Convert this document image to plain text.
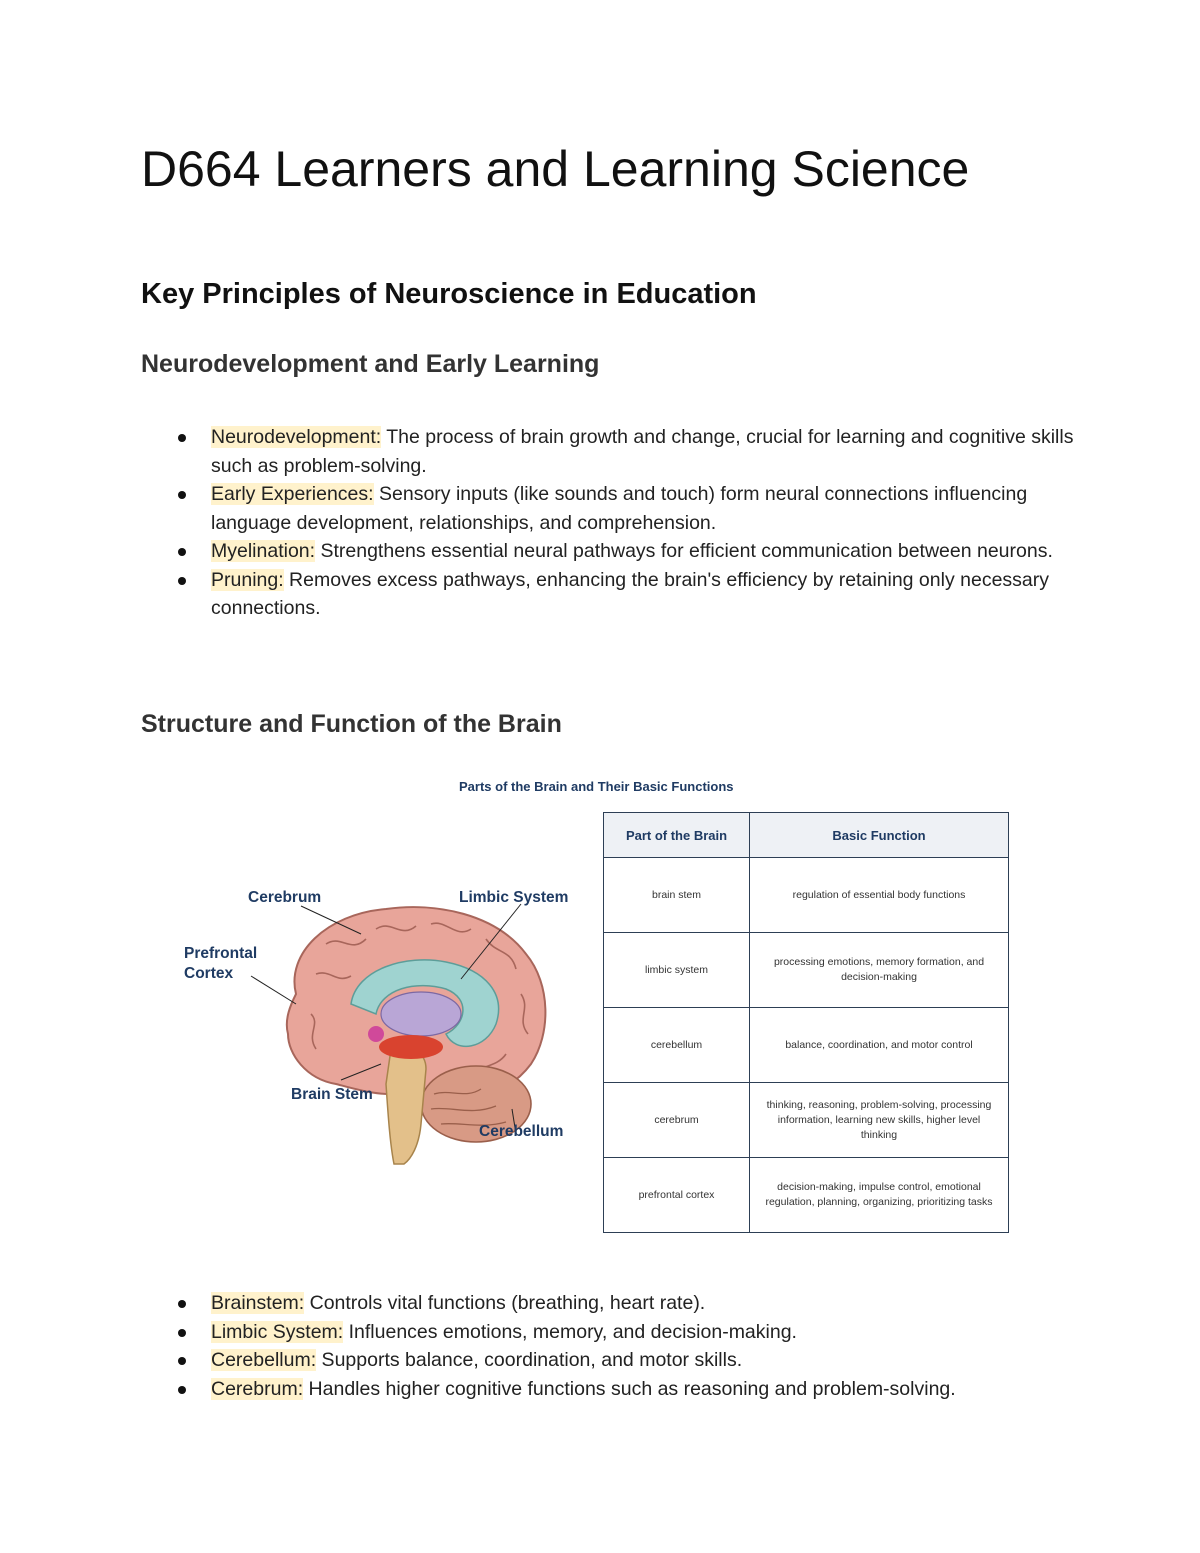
D664 Learners and Learning Science
Key Principles of Neuroscience in Education
Neurodevelopment and Early Learning
Neurodevelopment: The process of brain growth and change, crucial for learning and cognitive skills such as problem-solving.
Early Experiences: Sensory inputs (like sounds and touch) form neural connections influencing language development, relationships, and comprehension.
Myelination: Strengthens essential neural pathways for efficient communication between neurons.
Pruning: Removes excess pathways, enhancing the brain's efficiency by retaining only necessary connections.
Structure and Function of the Brain

Parts of the Brain and Their Basic Functions

Cerebrum	Limbic System
Prefrontal
Cortex
Brain Stem
Cerebellum
Part of the Brain	Basic Function
brain stem	regulation of essential body functions
limbic system	processing emotions, memory formation, and decision-making
cerebellum	balance, coordination, and motor control
cerebrum	thinking, reasoning, problem-solving, processing information, learning new skills, higher level thinking
prefrontal cortex	decision-making, impulse control, emotional regulation, planning, organizing, prioritizing tasks
Brainstem: Controls vital functions (breathing, heart rate).
Limbic System: Influences emotions, memory, and decision-making.
Cerebellum: Supports balance, coordination, and motor skills.
Cerebrum: Handles higher cognitive functions such as reasoning and problem-solving.
